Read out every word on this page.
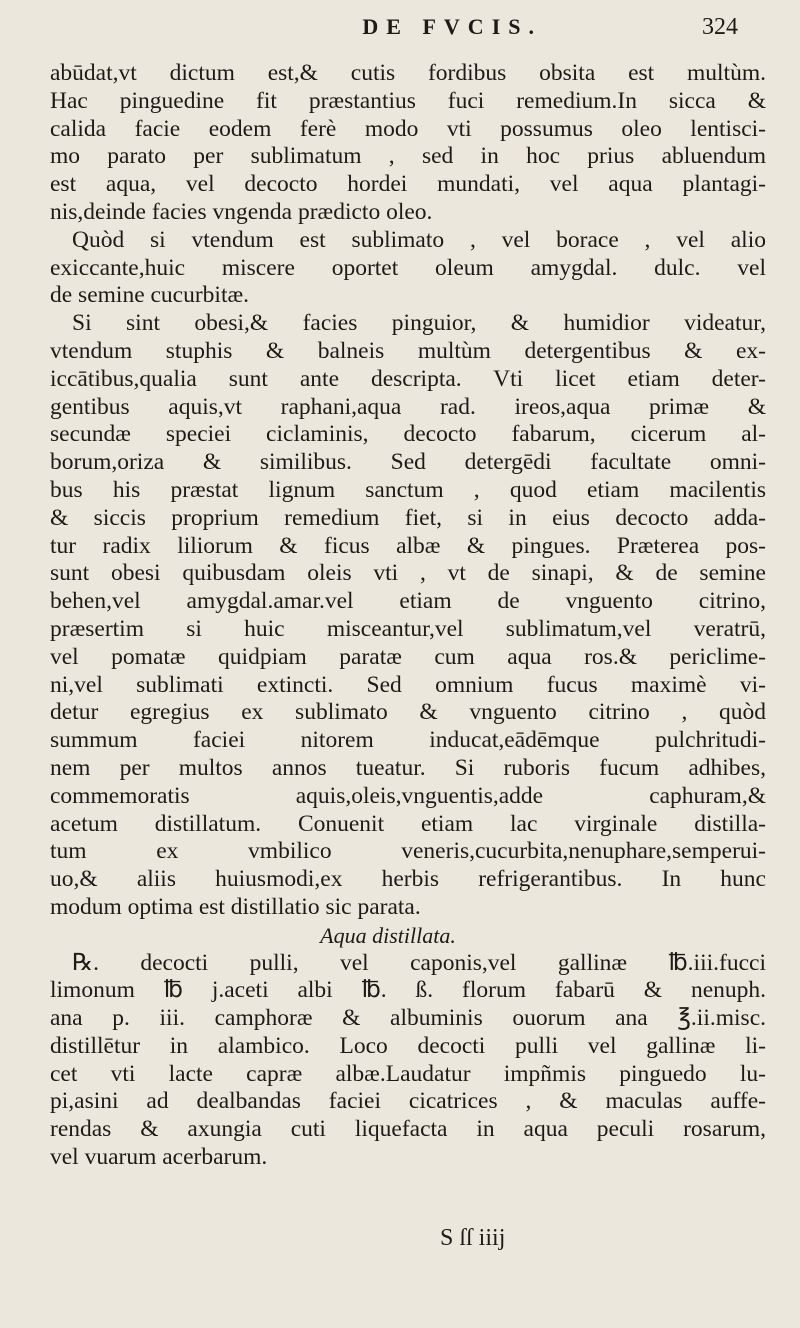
DE FVCIS.	324
abūdat,vt dictum est,& cutis fordibus obsita est multùm.
Hac pinguedine fit præstantius fuci remedium.In sicca &
calida facie eodem ferè modo vti possumus oleo lentisci-
mo parato per sublimatum , sed in hoc prius abluendum
est aqua, vel decocto hordei mundati, vel aqua plantagi-
nis,deinde facies vngenda prædicto oleo.
Quòd si vtendum est sublimato , vel borace , vel alio
exiccante,huic miscere oportet oleum amygdal. dulc. vel
de semine cucurbitæ.
Si sint obesi,& facies pinguior, & humidior videatur,
vtendum stuphis & balneis multùm detergentibus & ex-
iccātibus,qualia sunt ante descripta. Vti licet etiam deter-
gentibus aquis,vt raphani,aqua rad. ireos,aqua primæ &
secundæ speciei ciclaminis, decocto fabarum, cicerum al-
borum,oriza & similibus. Sed detergēdi facultate omni-
bus his præstat lignum sanctum , quod etiam macilentis
& siccis proprium remedium fiet, si in eius decocto adda-
tur radix liliorum & ficus albæ & pingues. Præterea pos-
sunt obesi quibusdam oleis vti , vt de sinapi, & de semine
behen,vel amygdal.amar.vel etiam de vnguento citrino,
præsertim si huic misceantur,vel sublimatum,vel veratrū,
vel pomatæ quidpiam paratæ cum aqua ros.& periclime-
ni,vel sublimati extincti. Sed omnium fucus maximè vi-
detur egregius ex sublimato & vnguento citrino , quòd
summum faciei nitorem inducat,eādēmque pulchritudi-
nem per multos annos tueatur. Si ruboris fucum adhibes,
commemoratis aquis,oleis,vnguentis,adde caphuram,&
acetum distillatum. Conuenit etiam lac virginale distilla-
tum ex vmbilico veneris,cucurbita,nenuphare,semperui-
uo,& aliis huiusmodi,ex herbis refrigerantibus. In hunc
modum optima est distillatio sic parata.
Aqua distillata.
℞. decocti pulli, vel caponis,vel gallinæ ℔.iii.fucci
limonum ℔ j.aceti albi ℔. ß. florum fabarū & nenuph.
ana p. iii. camphoræ & albuminis ouorum ana ℥.ii.misc.
distillētur in alambico. Loco decocti pulli vel gallinæ li-
cet vti lacte capræ albæ.Laudatur impñmis pinguedo lu-
pi,asini ad dealbandas faciei cicatrices , & maculas auffe-
rendas & axungia cuti liquefacta in aqua peculi rosarum,
vel vuarum acerbarum.
S ſſ iiij
